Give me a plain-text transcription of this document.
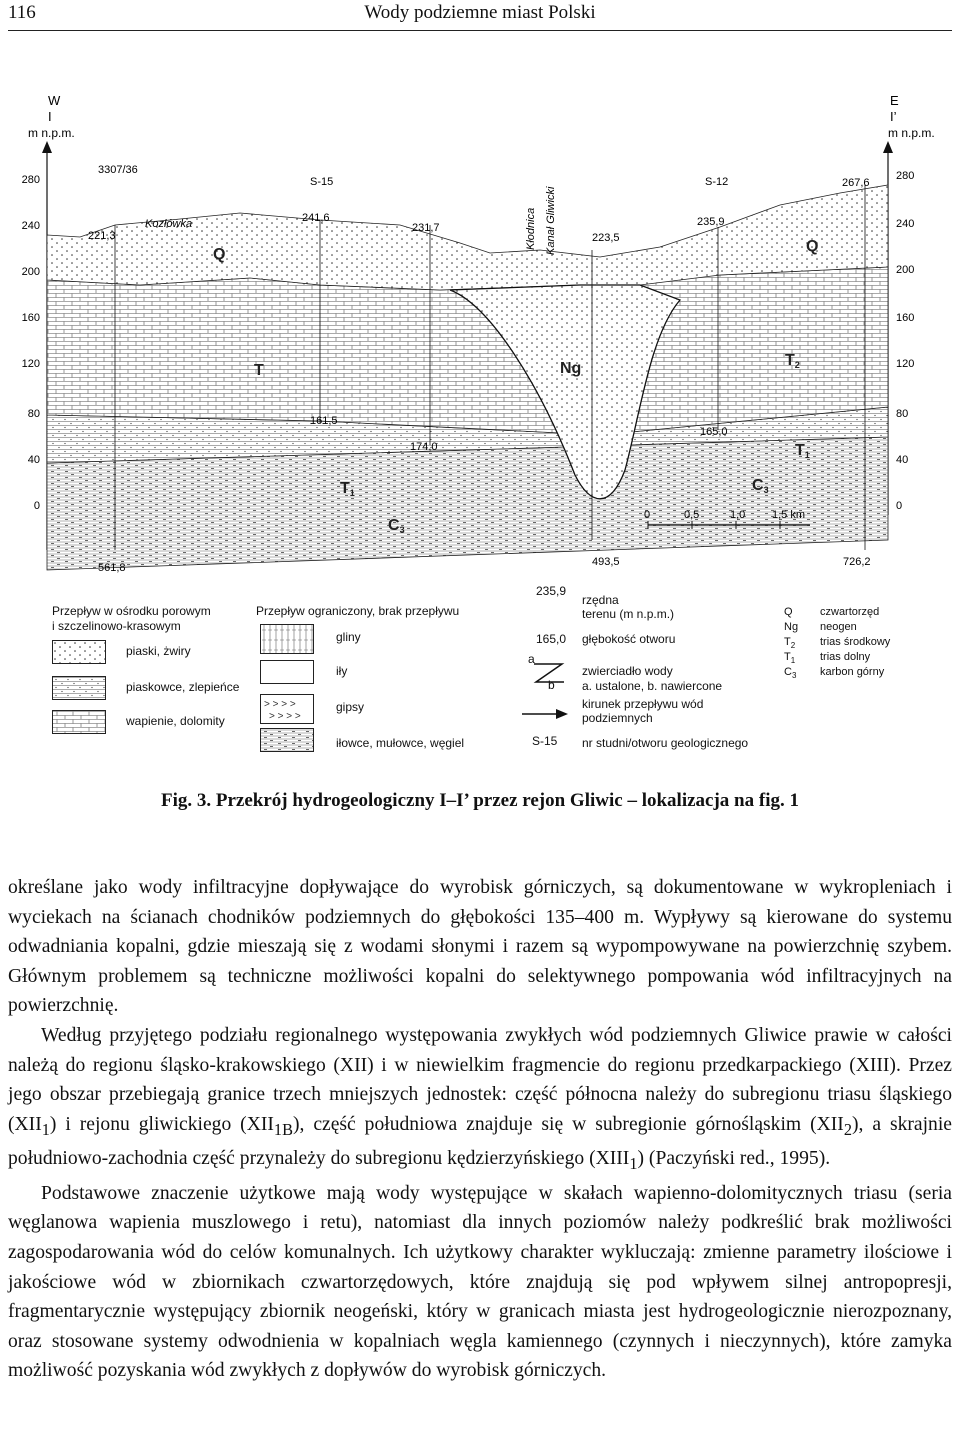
116	Wody podziemne miast Polski
280
240
200
160
120
80
40
0
280
240
200
160
120
80
40
0
W
I
m n.p.m.
E
I’
m n.p.m.
3307/36
S-15	S-12
Kozłówka
221,3
241,6
231,7
223,5
235,9
267,6
161,5
174,0
165,0
561,8	493,5	726,2
Kłodnica Kanał Gliwicki
Q	Q
T
T1
Ng	T2
T1
C3
C3
0	0,5	1,0 1,5 km
Przepływ w ośrodku porowym
i szczelinowo-krasowym
piaski, żwiry
piaskowce, zlepieńce
wapienie, dolomity
Przepływ ograniczony, brak przepływu
gliny
iły
> > > >
> > > >
gipsy
iłowce, mułowce, węgiel
235,9
rzędna
terenu (m n.p.m.)
165,0 głębokość otworu
a
b
zwierciadło wody
a. ustalone, b. nawiercone
kirunek przepływu wód
podziemnych
S-15 nr studni/otworu geologicznego
Q czwartorzęd
Ng neogen
$T_2$ trias środkowy
$T_1$ trias dolny
$C_3$ karbon górny
Fig. 3. Przekrój hydrogeologiczny I–I’ przez rejon Gliwic – lokalizacja na fig. 1

określane jako wody infiltracyjne dopływające do wyrobisk górniczych, są dokumentowane w wykropleniach i wyciekach na ścianach chodników podziemnych do głębokości 135–400 m. Wypływy są kierowane do systemu odwadniania kopalni, gdzie mieszają się z wodami słonymi i razem są wypompowywane na powierzchnię szybem. Głównym problemem są techniczne możliwości kopalni do selektywnego pompowania wód infiltracyjnych na powierzchnię.

Według przyjętego podziału regionalnego występowania zwykłych wód podziemnych Gliwice prawie w całości należą do regionu śląsko-krakowskiego (XII) i w niewielkim fragmencie do regionu przedkarpackiego (XIII). Przez jego obszar przebiegają granice trzech mniejszych jednostek: część północna należy do subregionu triasu śląskiego $(XII_1)$ i rejonu gliwickiego $(XII_{1B})$, część południowa znajduje się w subregionie górnośląskim $(XII_2)$, a skrajnie południowo-zachodnia część przynależy do subregionu kędzierzyńskiego $(XIII_1)$ (Paczyński red., 1995).

Podstawowe znaczenie użytkowe mają wody występujące w skałach wapienno-dolomitycznych triasu (seria węglanowa wapienia muszlowego i retu), natomiast dla innych poziomów należy podkreślić brak możliwości zagospodarowania wód do celów komunalnych. Ich użytkowy charakter wykluczają: zmienne parametry ilościowe i jakościowe wód w zbiornikach czwartorzędowych, które znajdują się pod wpływem silnej antropopresji, fragmentarycznie występujący zbiornik neogeński, który w granicach miasta jest hydrogeologicznie nierozpoznany, oraz stosowane systemy odwodnienia w kopalniach węgla kamiennego (czynnych i nieczynnych), które zamyka możliwość pozyskania wód zwykłych z dopływów do wyrobisk górniczych.
